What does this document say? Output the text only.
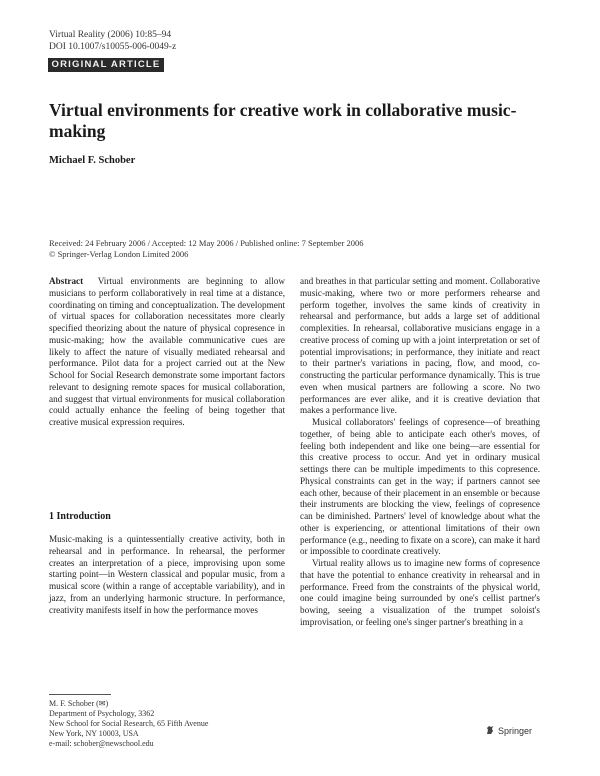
Virtual Reality (2006) 10:85–94
DOI 10.1007/s10055-006-0049-z
ORIGINAL ARTICLE
Virtual environments for creative work in collaborative music-making
Michael F. Schober
Received: 24 February 2006 / Accepted: 12 May 2006 / Published online: 7 September 2006
© Springer-Verlag London Limited 2006

Abstract Virtual environments are beginning to allow musicians to perform collaboratively in real time at a distance, coordinating on timing and conceptualization. The development of virtual spaces for collaboration necessitates more clearly specified theorizing about the nature of physical copresence in music-making; how the available communicative cues are likely to affect the nature of visually mediated rehearsal and performance. Pilot data for a project carried out at the New School for Social Research demonstrate some important factors relevant to designing remote spaces for musical collaboration, and suggest that virtual environments for musical collaboration could actually enhance the feeling of being together that creative musical expression requires.

1 Introduction

Music-making is a quintessentially creative activity, both in rehearsal and in performance. In rehearsal, the performer creates an interpretation of a piece, improvising upon some starting point—in Western classical and popular music, from a musical score (within a range of acceptable variability), and in jazz, from an underlying harmonic structure. In performance, creativity manifests itself in how the performance moves

and breathes in that particular setting and moment. Collaborative music-making, where two or more performers rehearse and perform together, involves the same kinds of creativity in rehearsal and performance, but adds a large set of additional complexities. In rehearsal, collaborative musicians engage in a creative process of coming up with a joint interpretation or set of potential improvisations; in performance, they initiate and react to their partner's variations in pacing, flow, and mood, co-constructing the particular performance dynamically. This is true even when musical partners are following a score. No two performances are ever alike, and it is creative deviation that makes a performance live.

Musical collaborators' feelings of copresence—of breathing together, of being able to anticipate each other's moves, of feeling both independent and like one being—are essential for this creative process to occur. And yet in ordinary musical settings there can be multiple impediments to this copresence. Physical constraints can get in the way; if partners cannot see each other, because of their placement in an ensemble or because their instruments are blocking the view, feelings of copresence can be diminished. Partners' level of knowledge about what the other is experiencing, or attentional limitations of their own performance (e.g., needing to fixate on a score), can make it hard or impossible to coordinate creatively.

Virtual reality allows us to imagine new forms of copresence that have the potential to enhance creativity in rehearsal and in performance. Freed from the constraints of the physical world, one could imagine being surrounded by one's cellist partner's bowing, seeing a visualization of the trumpet soloist's improvisation, or feeling one's singer partner's breathing in a

M. F. Schober (✉)
Department of Psychology, 3362
New School for Social Research, 65 Fifth Avenue
New York, NY 10003, USA
e-mail: schober@newschool.edu
Springer
